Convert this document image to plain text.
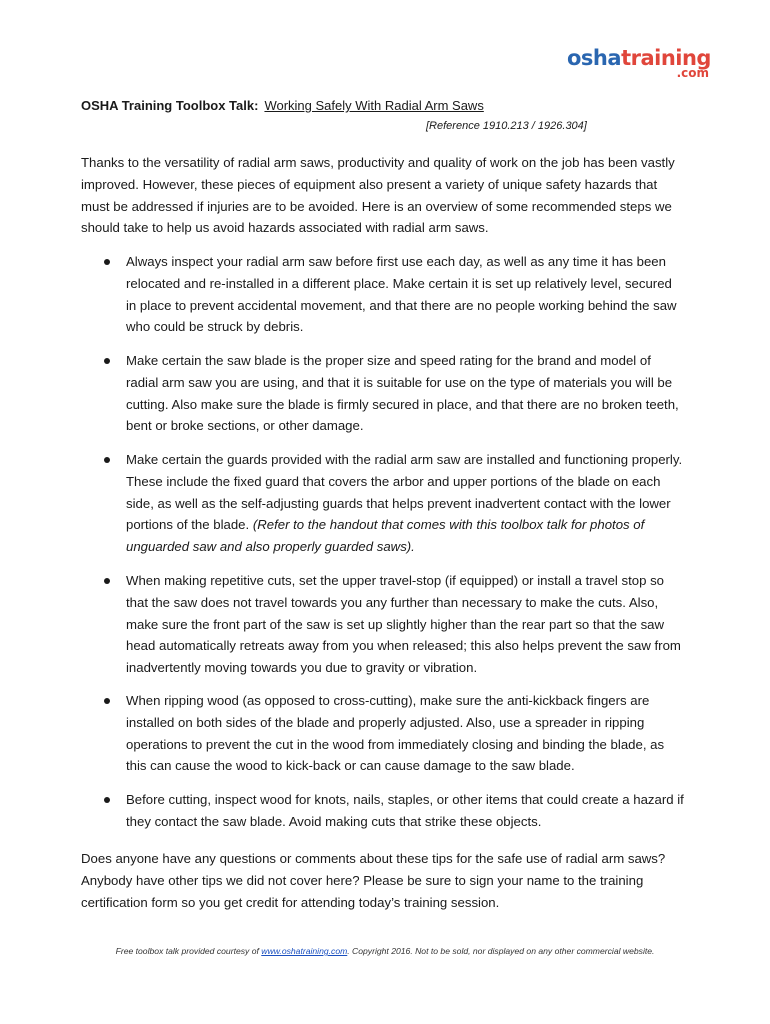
oshatraining
.com
OSHA Training Toolbox Talk: Working Safely With Radial Arm Saws
[Reference 1910.213 / 1926.304]

Thanks to the versatility of radial arm saws, productivity and quality of work on the job has been vastly improved. However, these pieces of equipment also present a variety of unique safety hazards that must be addressed if injuries are to be avoided. Here is an overview of some recommended steps we should take to help us avoid hazards associated with radial arm saws.

Always inspect your radial arm saw before first use each day, as well as any time it has been relocated and re-installed in a different place. Make certain it is set up relatively level, secured in place to prevent accidental movement, and that there are no people working behind the saw who could be struck by debris.
Make certain the saw blade is the proper size and speed rating for the brand and model of radial arm saw you are using, and that it is suitable for use on the type of materials you will be cutting. Also make sure the blade is firmly secured in place, and that there are no broken teeth, bent or broke sections, or other damage.
Make certain the guards provided with the radial arm saw are installed and functioning properly. These include the fixed guard that covers the arbor and upper portions of the blade on each side, as well as the self-adjusting guards that helps prevent inadvertent contact with the lower portions of the blade. (Refer to the handout that comes with this toolbox talk for photos of unguarded saw and also properly guarded saws).
When making repetitive cuts, set the upper travel-stop (if equipped) or install a travel stop so that the saw does not travel towards you any further than necessary to make the cuts. Also, make sure the front part of the saw is set up slightly higher than the rear part so that the saw head automatically retreats away from you when released; this also helps prevent the saw from inadvertently moving towards you due to gravity or vibration.
When ripping wood (as opposed to cross-cutting), make sure the anti-kickback fingers are installed on both sides of the blade and properly adjusted. Also, use a spreader in ripping operations to prevent the cut in the wood from immediately closing and binding the blade, as this can cause the wood to kick-back or can cause damage to the saw blade.
Before cutting, inspect wood for knots, nails, staples, or other items that could create a hazard if they contact the saw blade. Avoid making cuts that strike these objects.

Does anyone have any questions or comments about these tips for the safe use of radial arm saws? Anybody have other tips we did not cover here? Please be sure to sign your name to the training certification form so you get credit for attending today’s training session.

Free toolbox talk provided courtesy of www.oshatraining.com. Copyright 2016. Not to be sold, nor displayed on any other commercial website.
